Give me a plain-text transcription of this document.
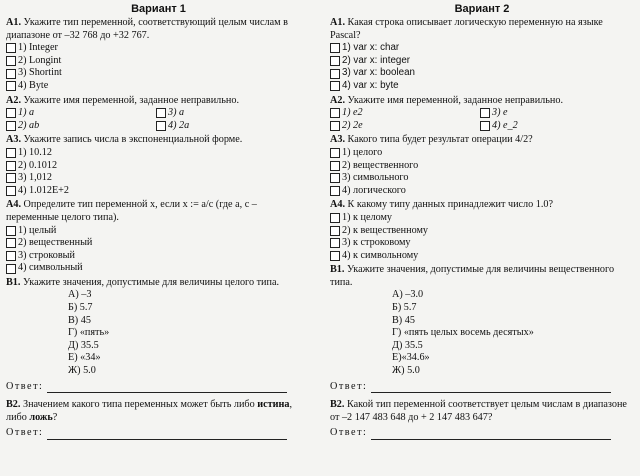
Вариант 1

А1. Укажите тип переменной, соответствующий целым числам в диапазоне от –32 768 до +32 767.

1) Integer
2) Longint
3) Shortint
4) Byte

А2. Укажите имя переменной, заданное неправильно.

1) a	3) a
2) ab	4) 2a

А3. Укажите запись числа в экспоненциальной форме.

1) 10.12
2) 0.1012
3) 1,012
4) 1.012E+2

А4. Определите тип переменной x, если x := a/c (где a, c – переменные целого типа).

1) целый
2) вещественный
3) строковый
4) символьный

В1. Укажите значения, допустимые для величины целого типа.

А) –3
Б) 5.7
В) 45
Г) «пять»
Д) 35.5
Е) «34»
Ж) 5.0
Ответ:

В2. Значением какого типа переменных может быть либо истина, либо ложь?

Ответ:
Вариант 2

А1. Какая строка описывает логическую переменную на языке Pascal?

1) var x: char
2) var x: integer
3) var x: boolean
4) var x: byte

А2. Укажите имя переменной, заданное неправильно.

1) e2	3) e
2) 2e	4) e_2

А3. Какого типа будет результат операции 4/2?

1) целого
2) вещественного
3) символьного
4) логического

А4. К какому типу данных принадлежит число 1.0?

1) к целому
2) к вещественному
3) к строковому
4) к символьному

В1. Укажите значения, допустимые для величины вещественного типа.

А) –3.0
Б) 5.7
В) 45
Г) «пять целых восемь десятых»
Д) 35.5
Е)«34.6»
Ж) 5.0
Ответ:

В2. Какой тип переменной соответствует целым числам в диапазоне от –2 147 483 648 до + 2 147 483 647?

Ответ:
